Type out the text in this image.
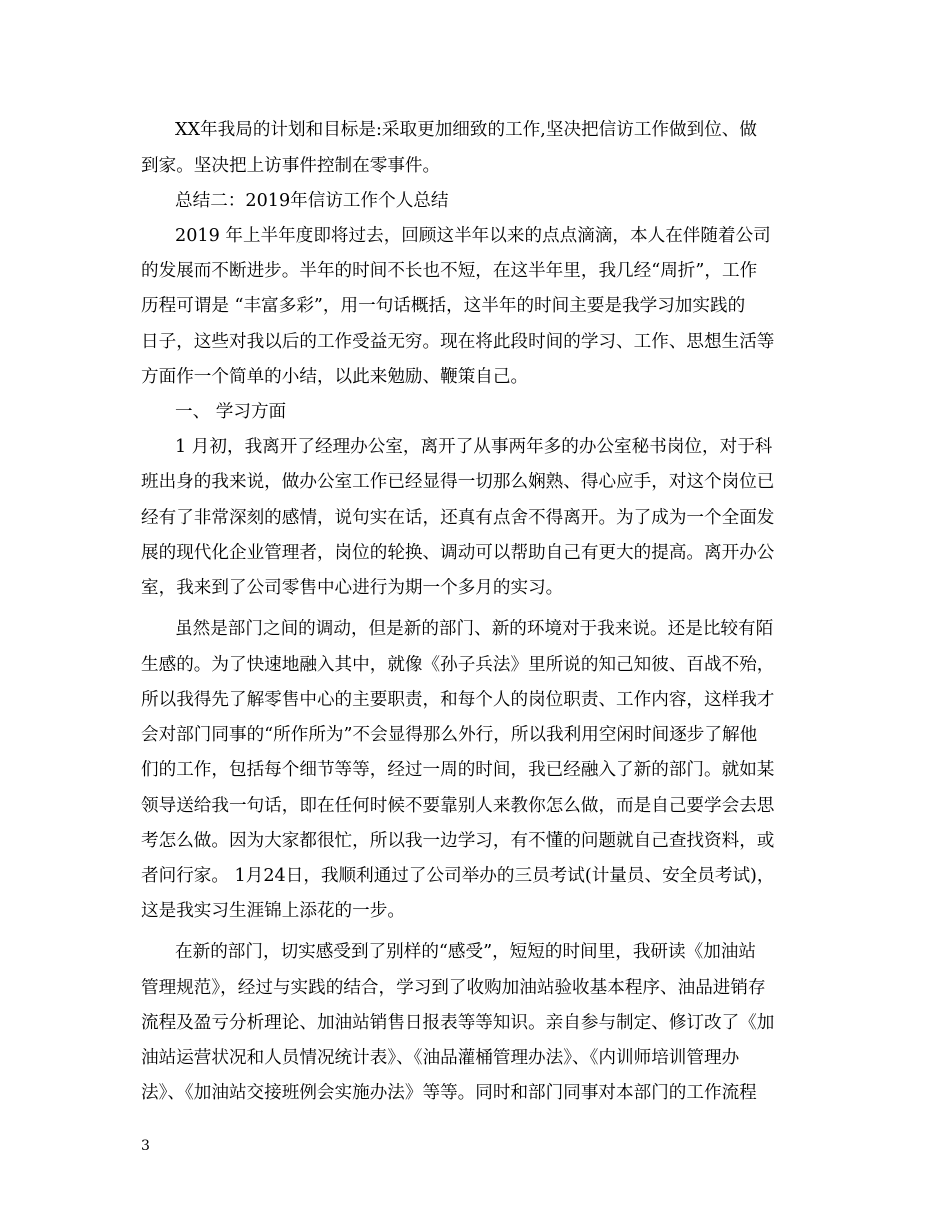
XX年我局的计划和目标是:采取更加细致的工作,坚决把信访工作做到位、做
到家。坚决把上访事件控制在零事件。
总结二：2019年信访工作个人总结
2019 年上半年度即将过去，回顾这半年以来的点点滴滴，本人在伴随着公司
的发展而不断进步。半年的时间不长也不短，在这半年里，我几经“周折”，工作
历程可谓是 “丰富多彩”，用一句话概括，这半年的时间主要是我学习加实践的
日子，这些对我以后的工作受益无穷。现在将此段时间的学习、工作、思想生活等
方面作一个简单的小结，以此来勉励、鞭策自己。
一、 学习方面
1 月初，我离开了经理办公室，离开了从事两年多的办公室秘书岗位，对于科
班出身的我来说，做办公室工作已经显得一切那么娴熟、得心应手，对这个岗位已
经有了非常深刻的感情，说句实在话，还真有点舍不得离开。为了成为一个全面发
展的现代化企业管理者，岗位的轮换、调动可以帮助自己有更大的提高。离开办公
室，我来到了公司零售中心进行为期一个多月的实习。
虽然是部门之间的调动，但是新的部门、新的环境对于我来说。还是比较有陌
生感的。为了快速地融入其中，就像《孙子兵法》里所说的知己知彼、百战不殆，
所以我得先了解零售中心的主要职责，和每个人的岗位职责、工作内容，这样我才
会对部门同事的“所作所为”不会显得那么外行，所以我利用空闲时间逐步了解他
们的工作，包括每个细节等等，经过一周的时间，我已经融入了新的部门。就如某
领导送给我一句话，即在任何时候不要靠别人来教你怎么做，而是自己要学会去思
考怎么做。因为大家都很忙，所以我一边学习，有不懂的问题就自己查找资料，或
者问行家。 1月24日，我顺利通过了公司举办的三员考试(计量员、安全员考试)，
这是我实习生涯锦上添花的一步。
在新的部门，切实感受到了别样的“感受”，短短的时间里，我研读《加油站
管理规范》，经过与实践的结合，学习到了收购加油站验收基本程序、油品进销存
流程及盈亏分析理论、加油站销售日报表等等知识。亲自参与制定、修订改了《加
油站运营状况和人员情况统计表》、《油品灌桶管理办法》、《内训师培训管理办
法》、《加油站交接班例会实施办法》等等。同时和部门同事对本部门的工作流程
3
